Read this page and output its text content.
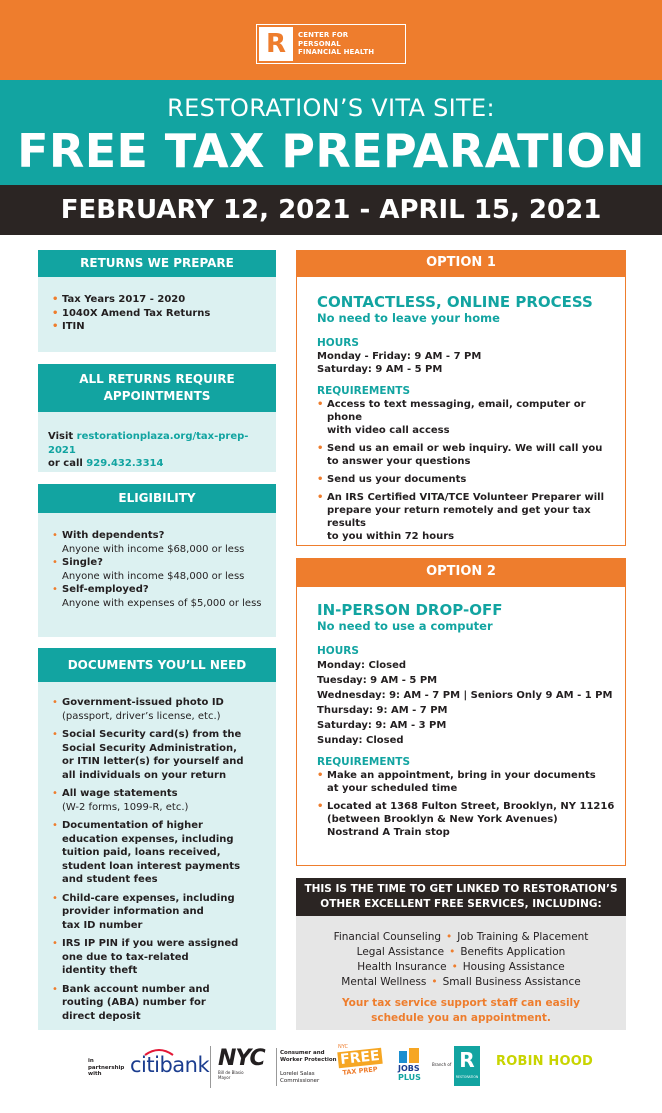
R	CENTER FOR
PERSONAL
FINANCIAL HEALTH
RESTORATION’S VITA SITE:
FREE TAX PREPARATION
FEBRUARY 12, 2021 - APRIL 15, 2021
RETURNS WE PREPARE
• Tax Years 2017 - 2020
• 1040X Amend Tax Returns
• ITIN
ALL RETURNS REQUIRE
APPOINTMENTS
Visit restorationplaza.org/tax-prep-2021
or call 929.432.3314
ELIGIBILITY
• With dependents?
Anyone with income $68,000 or less
• Single?
Anyone with income $48,000 or less
• Self-employed?
Anyone with expenses of $5,000 or less
DOCUMENTS YOU’LL NEED
• Government-issued photo ID
(passport, driver’s license, etc.)
• Social Security card(s) from the
Social Security Administration,
or ITIN letter(s) for yourself and
all individuals on your return
• All wage statements
(W-2 forms, 1099-R, etc.)
• Documentation of higher
education expenses, including
tuition paid, loans received,
student loan interest payments
and student fees
• Child-care expenses, including
provider information and
tax ID number
• IRS IP PIN if you were assigned
one due to tax-related
identity theft
• Bank account number and
routing (ABA) number for
direct deposit
OPTION 1
CONTACTLESS, ONLINE PROCESS
No need to leave your home
HOURS
Monday - Friday: 9 AM - 7 PM
Saturday: 9 AM - 5 PM
REQUIREMENTS
• Access to text messaging, email, computer or phone
with video call access
• Send us an email or web inquiry. We will call you
to answer your questions
• Send us your documents
• An IRS Certified VITA/TCE Volunteer Preparer will
prepare your return remotely and get your tax results
to you within 72 hours
OPTION 2
IN-PERSON DROP-OFF
No need to use a computer
HOURS
Monday: Closed
Tuesday: 9 AM - 5 PM
Wednesday: 9: AM - 7 PM | Seniors Only 9 AM - 1 PM
Thursday: 9: AM - 7 PM
Saturday: 9: AM - 3 PM
Sunday: Closed
REQUIREMENTS
• Make an appointment, bring in your documents
at your scheduled time
• Located at 1368 Fulton Street, Brooklyn, NY 11216
(between Brooklyn & New York Avenues)
Nostrand A Train stop
THIS IS THE TIME TO GET LINKED TO RESTORATION’S
OTHER EXCELLENT FREE SERVICES, INCLUDING:
Financial Counseling • Job Training & Placement
Legal Assistance • Benefits Application
Health Insurance • Housing Assistance
Mental Wellness • Small Business Assistance
Your tax service support staff can easily
schedule you an appointment.
in
partnership
with	citibank NYC
Bill de Blasio
Mayor
Consumer and
Worker Protection
Lorelei Salas
Commissioner
NYC
FREE
TAX PREP	JOBS
PLUS
Branch of R
RESTORATION
ROBIN HOOD
